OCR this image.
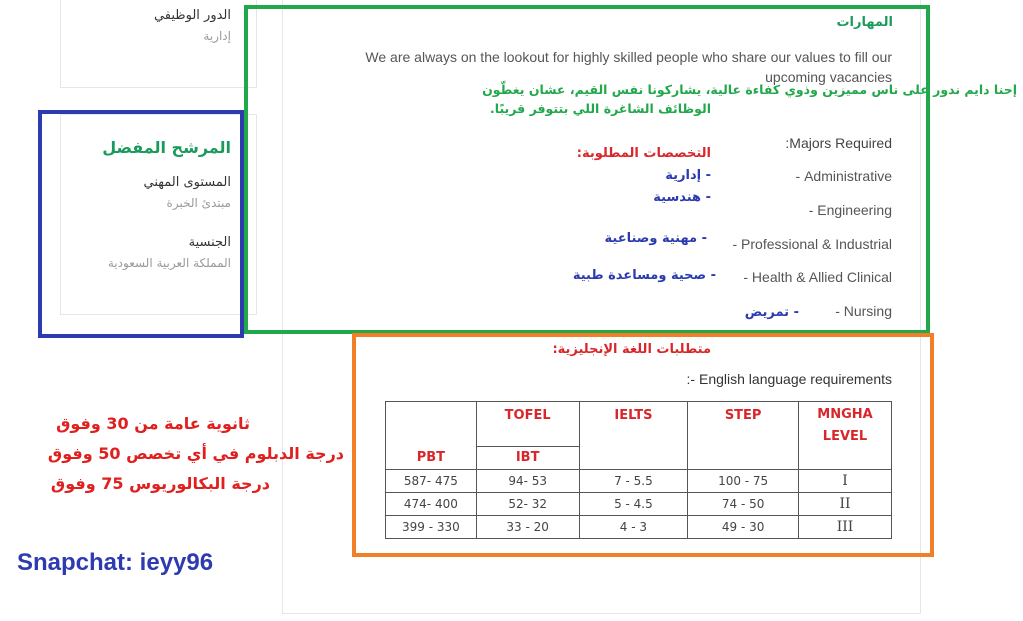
الدور الوظيفي
إدارية
المرشح المفضل
المستوى المهني
مبتدئ الخبرة
الجنسية
المملكة العربية السعودية
المهارات
We are always on the lookout for highly skilled people who share our values to fill our upcoming vacancies
إحنا دايم ندور على ناس مميزين وذوي كفاءة عالية، يشاركونا نفس القيم، عشان يغطّون
الوظائف الشاغرة اللي بتتوفر قريبًا.
Majors Required:
التخصصات المطلوبة:
Administrative -
Engineering -
Professional & Industrial -
Health & Allied Clinical -
Nursing -
- إدارية
- هندسية
- مهنية وصناعية
- صحية ومساعدة طبية
- تمريض
متطلبات اللغة الإنجليزية:
English language requirements -:
	TOFEL	IELTS	STEP	MNGHA LEVEL
PBT	IBT			
587- 475	94- 53	7 - 5.5	100 - 75	I
474- 400	52- 32	5 - 4.5	74 - 50	II
399 - 330	33 - 20	4 - 3	49 - 30	III
ثانوية عامة من 30 وفوق
درجة الدبلوم في أي تخصص 50 وفوق
درجة البكالوريوس 75 وفوق
Snapchat: ieyy96
